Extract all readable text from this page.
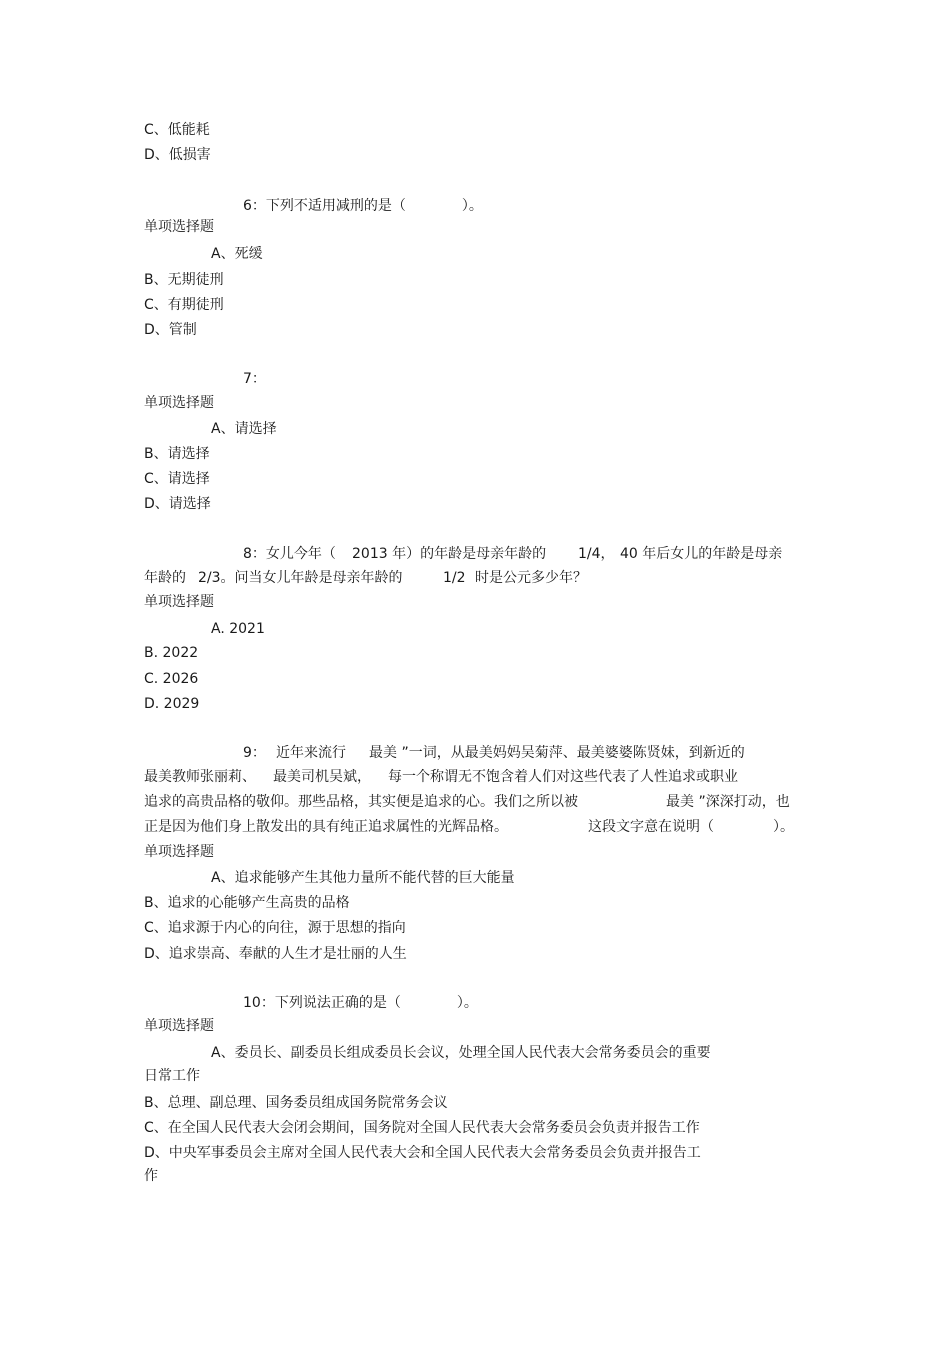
C、低能耗
D、低损害
6：下列不适用减刑的是（	）。
单项选择题
A、死缓
B、无期徒刑
C、有期徒刑
D、管制
7：
单项选择题
A、请选择
B、请选择
C、请选择
D、请选择
8：女儿今年（ 2013 年）的年龄是母亲年龄的 1/4， 40 年后女儿的年龄是母亲
年龄的 2/3。问当女儿年龄是母亲年龄的	1/2 时是公元多少年？
单项选择题
A. 2021
B. 2022
C. 2026
D. 2029
9： 近年来流行 最美 ”一词，从最美妈妈吴菊萍、最美婆婆陈贤妹，到新近的
最美教师张丽莉、 最美司机吴斌， 每一个称谓无不饱含着人们对这些代表了人性追求或职业
追求的高贵品格的敬仰。那些品格，其实便是追求的心。我们之所以被	最美 ”深深打动，也
正是因为他们身上散发出的具有纯正追求属性的光辉品格。	这段文字意在说明（	）。
单项选择题
A、追求能够产生其他力量所不能代替的巨大能量
B、追求的心能够产生高贵的品格
C、追求源于内心的向往，源于思想的指向
D、追求崇高、奉献的人生才是壮丽的人生
10：下列说法正确的是（	）。
单项选择题
A、委员长、副委员长组成委员长会议，处理全国人民代表大会常务委员会的重要
日常工作
B、总理、副总理、国务委员组成国务院常务会议
C、在全国人民代表大会闭会期间，国务院对全国人民代表大会常务委员会负责并报告工作
D、中央军事委员会主席对全国人民代表大会和全国人民代表大会常务委员会负责并报告工
作
